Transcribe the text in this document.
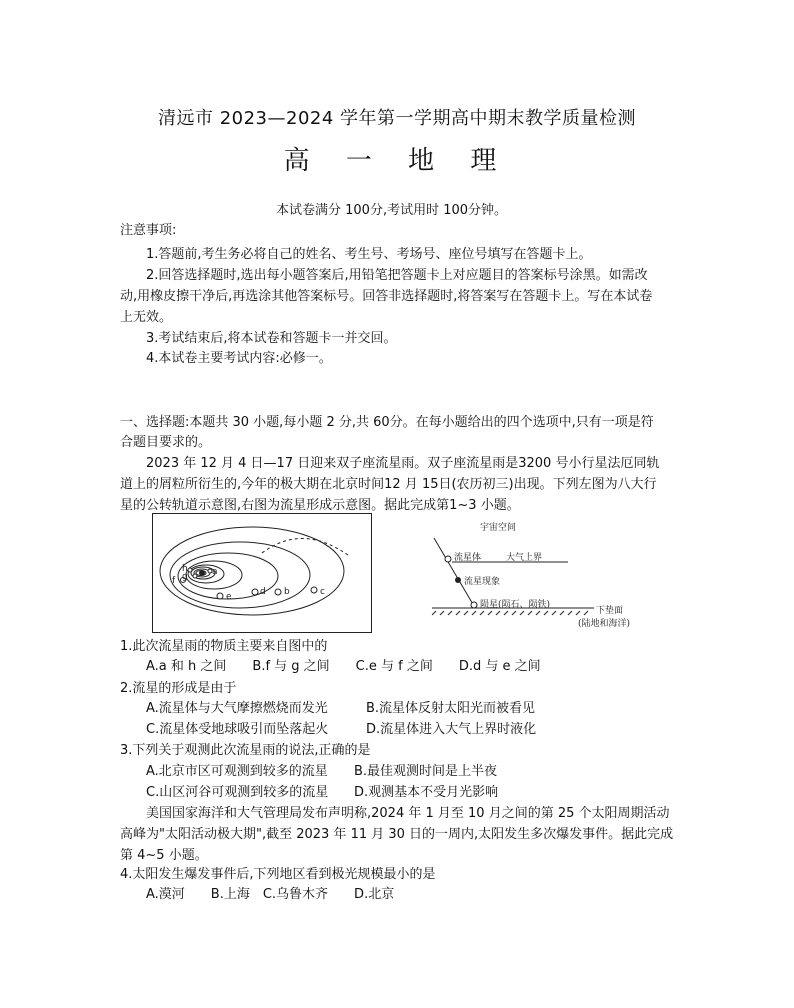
清远市 2023—2024 学年第一学期高中期末教学质量检测
高 一 地 理
本试卷满分 100分,考试用时 100分钟。
注意事项:
1.答题前,考生务必将自己的姓名、考生号、考场号、座位号填写在答题卡上。
2.回答选择题时,选出每小题答案后,用铅笔把答题卡上对应题目的答案标号涂黑。如需改
动,用橡皮擦干净后,再选涂其他答案标号。回答非选择题时,将答案写在答题卡上。写在本试卷
上无效。
3.考试结束后,将本试卷和答题卡一并交回。
4.本试卷主要考试内容:必修一。
一、选择题:本题共 30 小题,每小题 2 分,共 60分。在每小题给出的四个选项中,只有一项是符
合题目要求的。
2023 年 12 月 4 日—17 日迎来双子座流星雨。双子座流星雨是3200 号小行星法厄同轨
道上的屑粒所衍生的,今年的极大期在北京时间12 月 15日(农历初三)出现。下列左图为八大行
星的公转轨道示意图,右图为流星形成示意图。据此完成第1~3 小题。
a
b	c
d
e
f g
h
宇宙空间
流星体	大气上界
流星现象
陨星(陨石、陨铁)
下垫面
(陆地和海洋)
1.此次流星雨的物质主要来自图中的
A.a 和 h 之间　　B.f 与 g 之间　　C.e 与 f 之间　　D.d 与 e 之间
2.流星的形成是由于
A.流星体与大气摩擦燃烧而发光	B.流星体反射太阳光而被看见
C.流星体受地球吸引而坠落起火	D.流星体进入大气上界时液化
3.下列关于观测此次流星雨的说法,正确的是
A.北京市区可观测到较多的流星 B.最佳观测时间是上半夜
C.山区河谷可观测到较多的流星 D.观测基本不受月光影响
美国国家海洋和大气管理局发布声明称,2024 年 1 月至 10 月之间的第 25 个太阳周期活动
高峰为"太阳活动极大期",截至 2023 年 11 月 30 日的一周内,太阳发生多次爆发事件。据此完成
第 4~5 小题。
4.太阳发生爆发事件后,下列地区看到极光规模最小的是
A.漠河　　B.上海　C.乌鲁木齐　　D.北京
